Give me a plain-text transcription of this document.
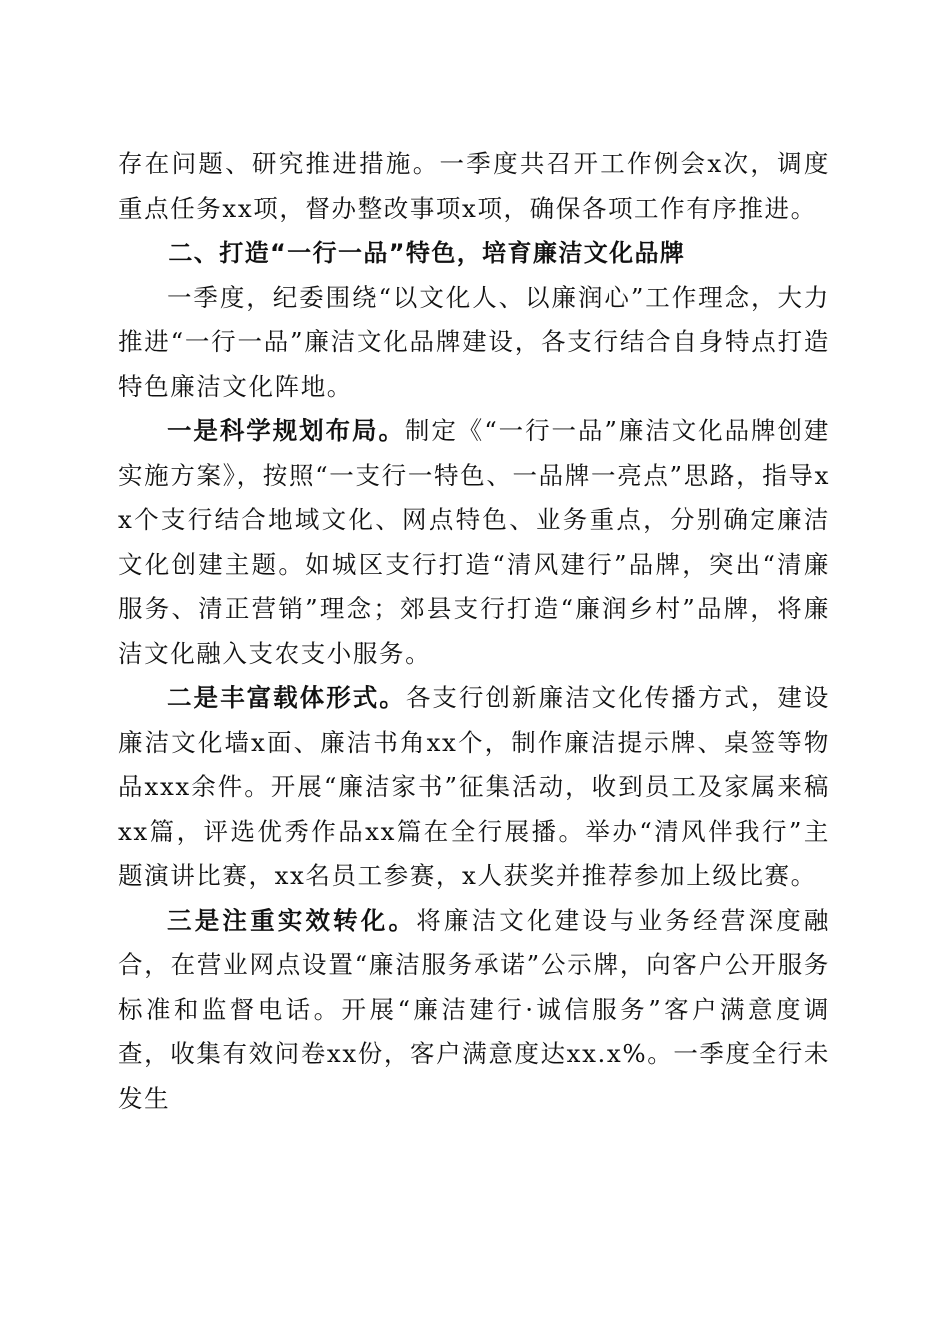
存在问题、研究推进措施。一季度共召开工作例会x次，调度重点任务xx项，督办整改事项x项，确保各项工作有序推进。

二、打造“一行一品”特色，培育廉洁文化品牌

一季度，纪委围绕“以文化人、以廉润心”工作理念，大力推进“一行一品”廉洁文化品牌建设，各支行结合自身特点打造特色廉洁文化阵地。

一是科学规划布局。制定《“一行一品”廉洁文化品牌创建实施方案》，按照“一支行一特色、一品牌一亮点”思路，指导xx个支行结合地域文化、网点特色、业务重点，分别确定廉洁文化创建主题。如城区支行打造“清风建行”品牌，突出“清廉服务、清正营销”理念；郊县支行打造“廉润乡村”品牌，将廉洁文化融入支农支小服务。

二是丰富载体形式。各支行创新廉洁文化传播方式，建设廉洁文化墙x面、廉洁书角xx个，制作廉洁提示牌、桌签等物品xxx余件。开展“廉洁家书”征集活动，收到员工及家属来稿xx篇，评选优秀作品xx篇在全行展播。举办“清风伴我行”主题演讲比赛，xx名员工参赛，x人获奖并推荐参加上级比赛。

三是注重实效转化。将廉洁文化建设与业务经营深度融合，在营业网点设置“廉洁服务承诺”公示牌，向客户公开服务标准和监督电话。开展“廉洁建行·诚信服务”客户满意度调查，收集有效问卷xx份，客户满意度达xx.x%。一季度全行未发生
